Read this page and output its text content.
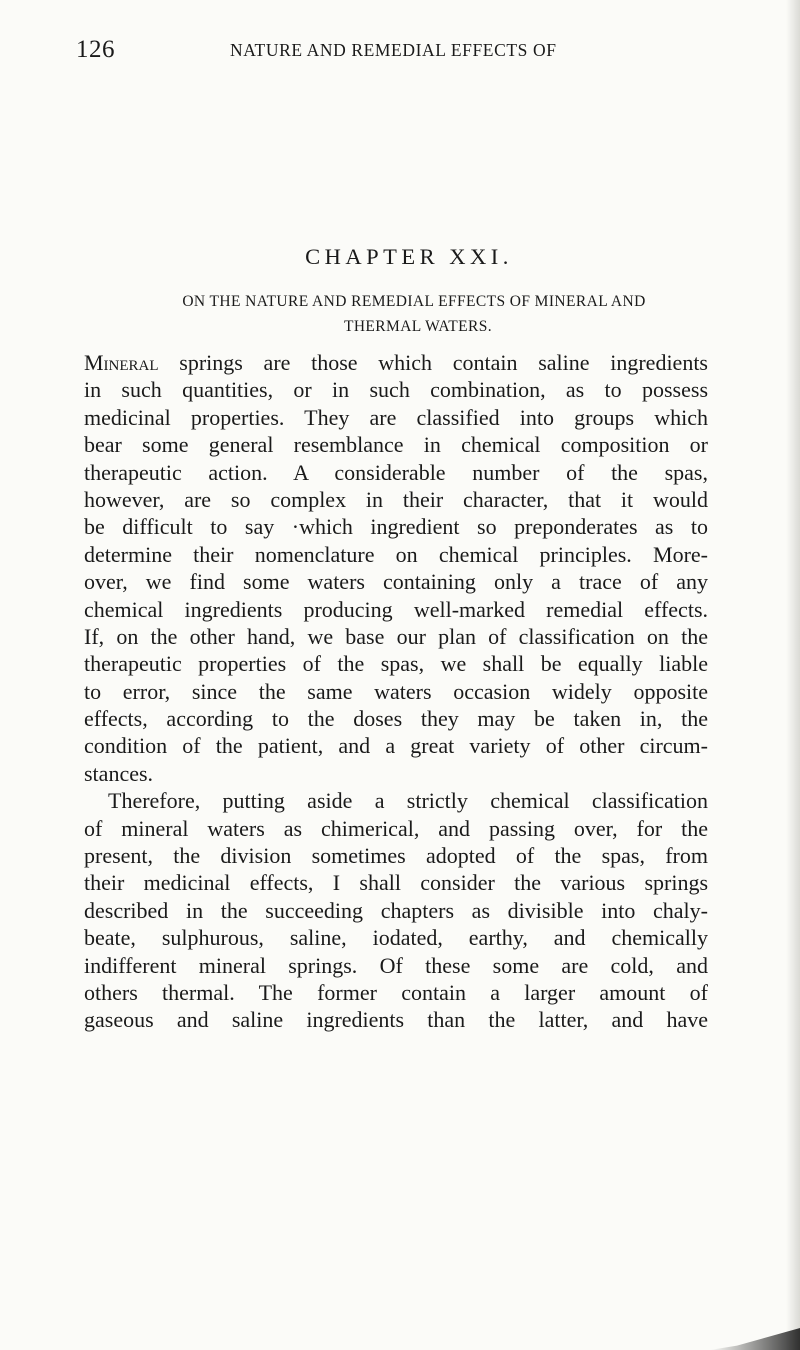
126	NATURE AND REMEDIAL EFFECTS OF
CHAPTER XXI.
ON THE NATURE AND REMEDIAL EFFECTS OF MINERAL AND
THERMAL WATERS.
Mineral springs are those which contain saline ingredients
in such quantities, or in such combination, as to possess
medicinal properties. They are classified into groups which
bear some general resemblance in chemical composition or
therapeutic action. A considerable number of the spas,
however, are so complex in their character, that it would
be difficult to say ·which ingredient so preponderates as to
determine their nomenclature on chemical principles. More-
over, we find some waters containing only a trace of any
chemical ingredients producing well-marked remedial effects.
If, on the other hand, we base our plan of classification on the
therapeutic properties of the spas, we shall be equally liable
to error, since the same waters occasion widely opposite
effects, according to the doses they may be taken in, the
condition of the patient, and a great variety of other circum-
stances.
Therefore, putting aside a strictly chemical classification
of mineral waters as chimerical, and passing over, for the
present, the division sometimes adopted of the spas, from
their medicinal effects, I shall consider the various springs
described in the succeeding chapters as divisible into chaly-
beate, sulphurous, saline, iodated, earthy, and chemically
indifferent mineral springs. Of these some are cold, and
others thermal. The former contain a larger amount of
gaseous and saline ingredients than the latter, and have
